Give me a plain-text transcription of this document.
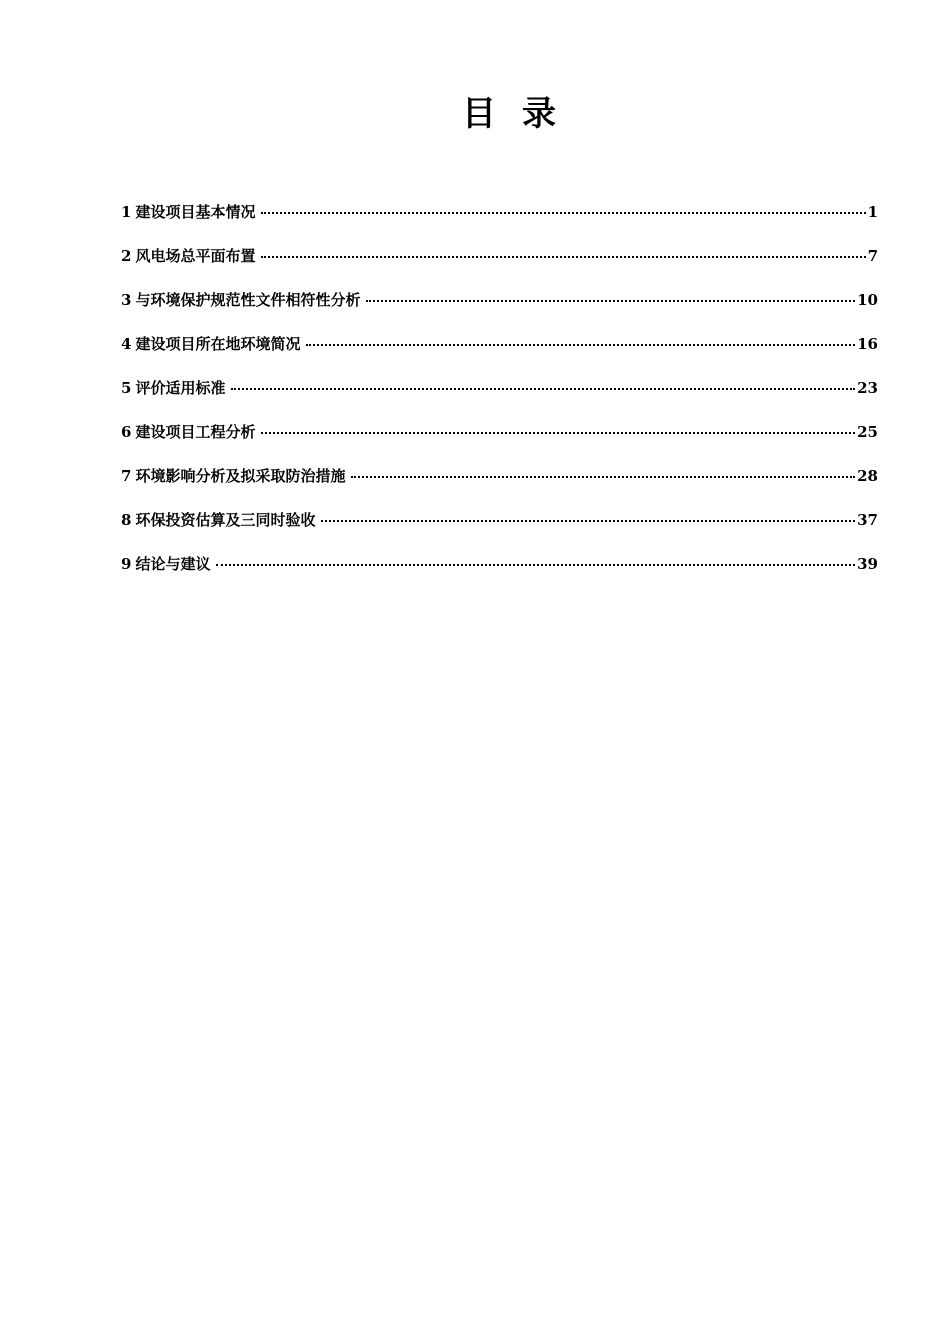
目 录
1 建设项目基本情况	1
2 风电场总平面布置	7
3 与环境保护规范性文件相符性分析	10
4 建设项目所在地环境简况	16
5 评价适用标准	23
6 建设项目工程分析	25
7 环境影响分析及拟采取防治措施	28
8 环保投资估算及三同时验收	37
9 结论与建议	39
